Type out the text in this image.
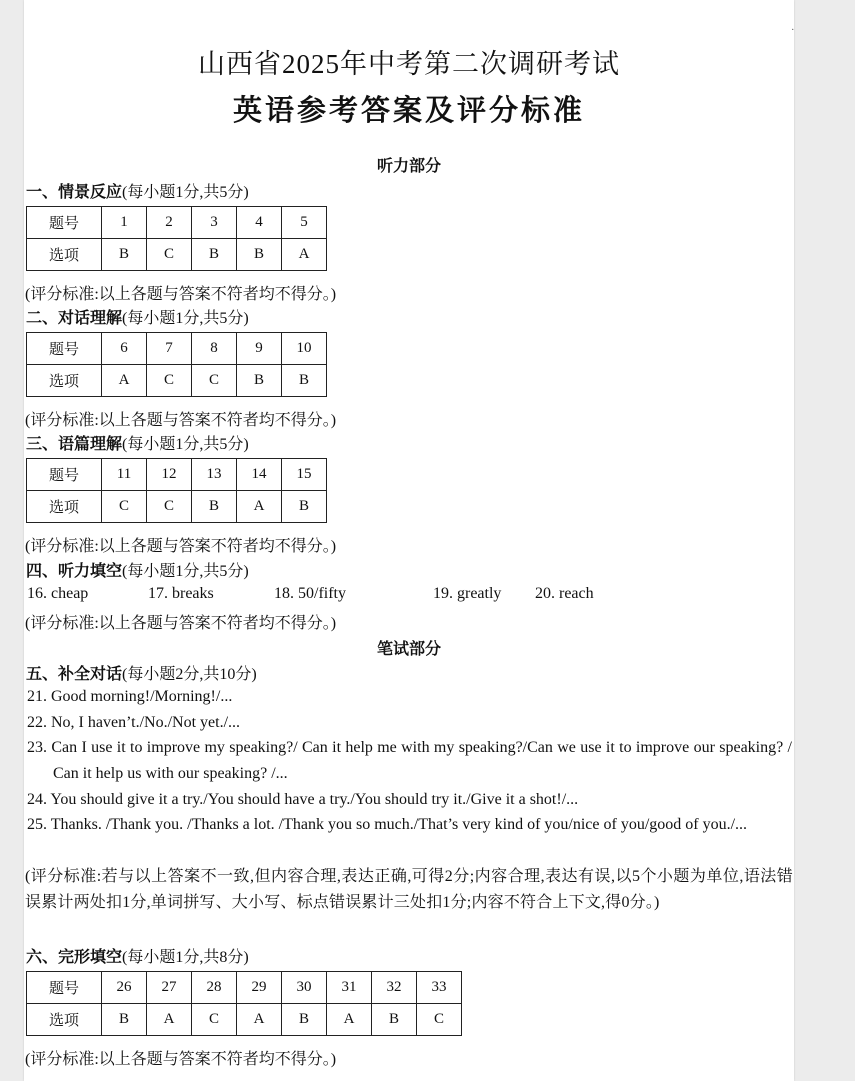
.
山西省2025年中考第二次调研考试
英语参考答案及评分标准
听力部分
一、情景反应(每小题1分,共5分)
题号	1	2	3	4	5
选项	B	C	B	B	A
(评分标准:以上各题与答案不符者均不得分。)
二、对话理解(每小题1分,共5分)
题号	6	7	8	9	10
选项	A	C	C	B	B
(评分标准:以上各题与答案不符者均不得分。)
三、语篇理解(每小题1分,共5分)
题号	11	12	13	14	15
选项	C	C	B	A	B
(评分标准:以上各题与答案不符者均不得分。)
四、听力填空(每小题1分,共5分)
16. cheap	17. breaks	18. 50/fifty	19. greatly 20. reach
(评分标准:以上各题与答案不符者均不得分。)
笔试部分
五、补全对话(每小题2分,共10分)
21. Good morning!/Morning!/...
22. No, I haven’t./No./Not yet./...
23. Can I use it to improve my speaking?/ Can it help me with my speaking?/Can we use it to improve our speaking? / Can it help us with our speaking? /...
24. You should give it a try./You should have a try./You should try it./Give it a shot!/...
25. Thanks. /Thank you. /Thanks a lot. /Thank you so much./That’s very kind of you/nice of you/good of you./...
(评分标准:若与以上答案不一致,但内容合理,表达正确,可得2分;内容合理,表达有误,以5个小题为单位,语法错误累计两处扣1分,单词拼写、大小写、标点错误累计三处扣1分;内容不符合上下文,得0分。)
六、完形填空(每小题1分,共8分)
题号	26	27	28	29	30	31	32	33
选项	B	A	C	A	B	A	B	C
(评分标准:以上各题与答案不符者均不得分。)
